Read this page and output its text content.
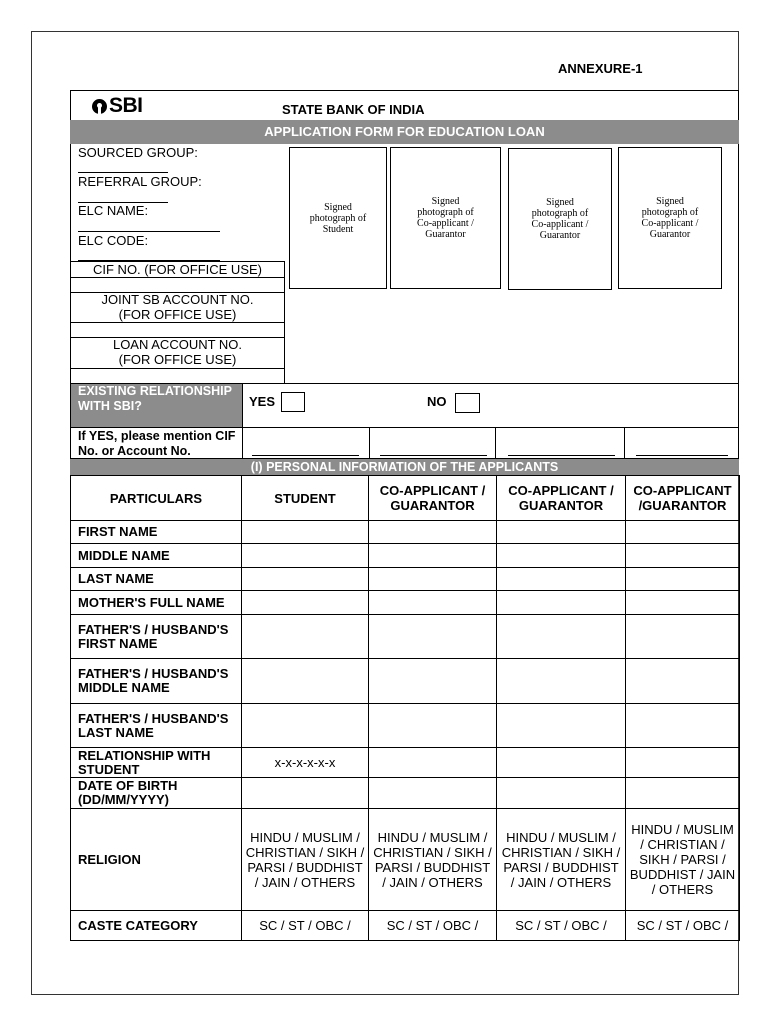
ANNEXURE-1
SBI	STATE BANK OF INDIA
APPLICATION FORM FOR EDUCATION LOAN
SOURCED GROUP:
REFERRAL GROUP:
ELC NAME:
ELC CODE:
CIF NO. (FOR OFFICE USE)
JOINT SB ACCOUNT NO. (FOR OFFICE USE)
LOAN ACCOUNT NO. (FOR OFFICE USE)
Signed photograph of Student
Signed photograph of Co-applicant / Guarantor
Signed photograph of Co-applicant / Guarantor
Signed photograph of Co-applicant / Guarantor
EXISTING RELATIONSHIP WITH SBI?	YES	NO
If YES, please mention CIF No. or Account No.
(I) PERSONAL INFORMATION OF THE APPLICANTS
PARTICULARS	STUDENT	CO-APPLICANT / GUARANTOR	CO-APPLICANT / GUARANTOR	CO-APPLICANT /GUARANTOR
FIRST NAME				
MIDDLE NAME				
LAST NAME				
MOTHER'S FULL NAME				
FATHER'S / HUSBAND'S FIRST NAME				
FATHER'S / HUSBAND'S MIDDLE NAME				
FATHER'S / HUSBAND'S LAST NAME				
RELATIONSHIP WITH STUDENT	x-x-x-x-x-x			
DATE OF BIRTH (DD/MM/YYYY)				
RELIGION	HINDU / MUSLIM / CHRISTIAN / SIKH / PARSI / BUDDHIST / JAIN / OTHERS	HINDU / MUSLIM / CHRISTIAN / SIKH / PARSI / BUDDHIST / JAIN / OTHERS	HINDU / MUSLIM / CHRISTIAN / SIKH / PARSI / BUDDHIST / JAIN / OTHERS	HINDU / MUSLIM / CHRISTIAN / SIKH / PARSI / BUDDHIST / JAIN / OTHERS
CASTE CATEGORY	SC / ST / OBC /	SC / ST / OBC /	SC / ST / OBC /	SC / ST / OBC /
